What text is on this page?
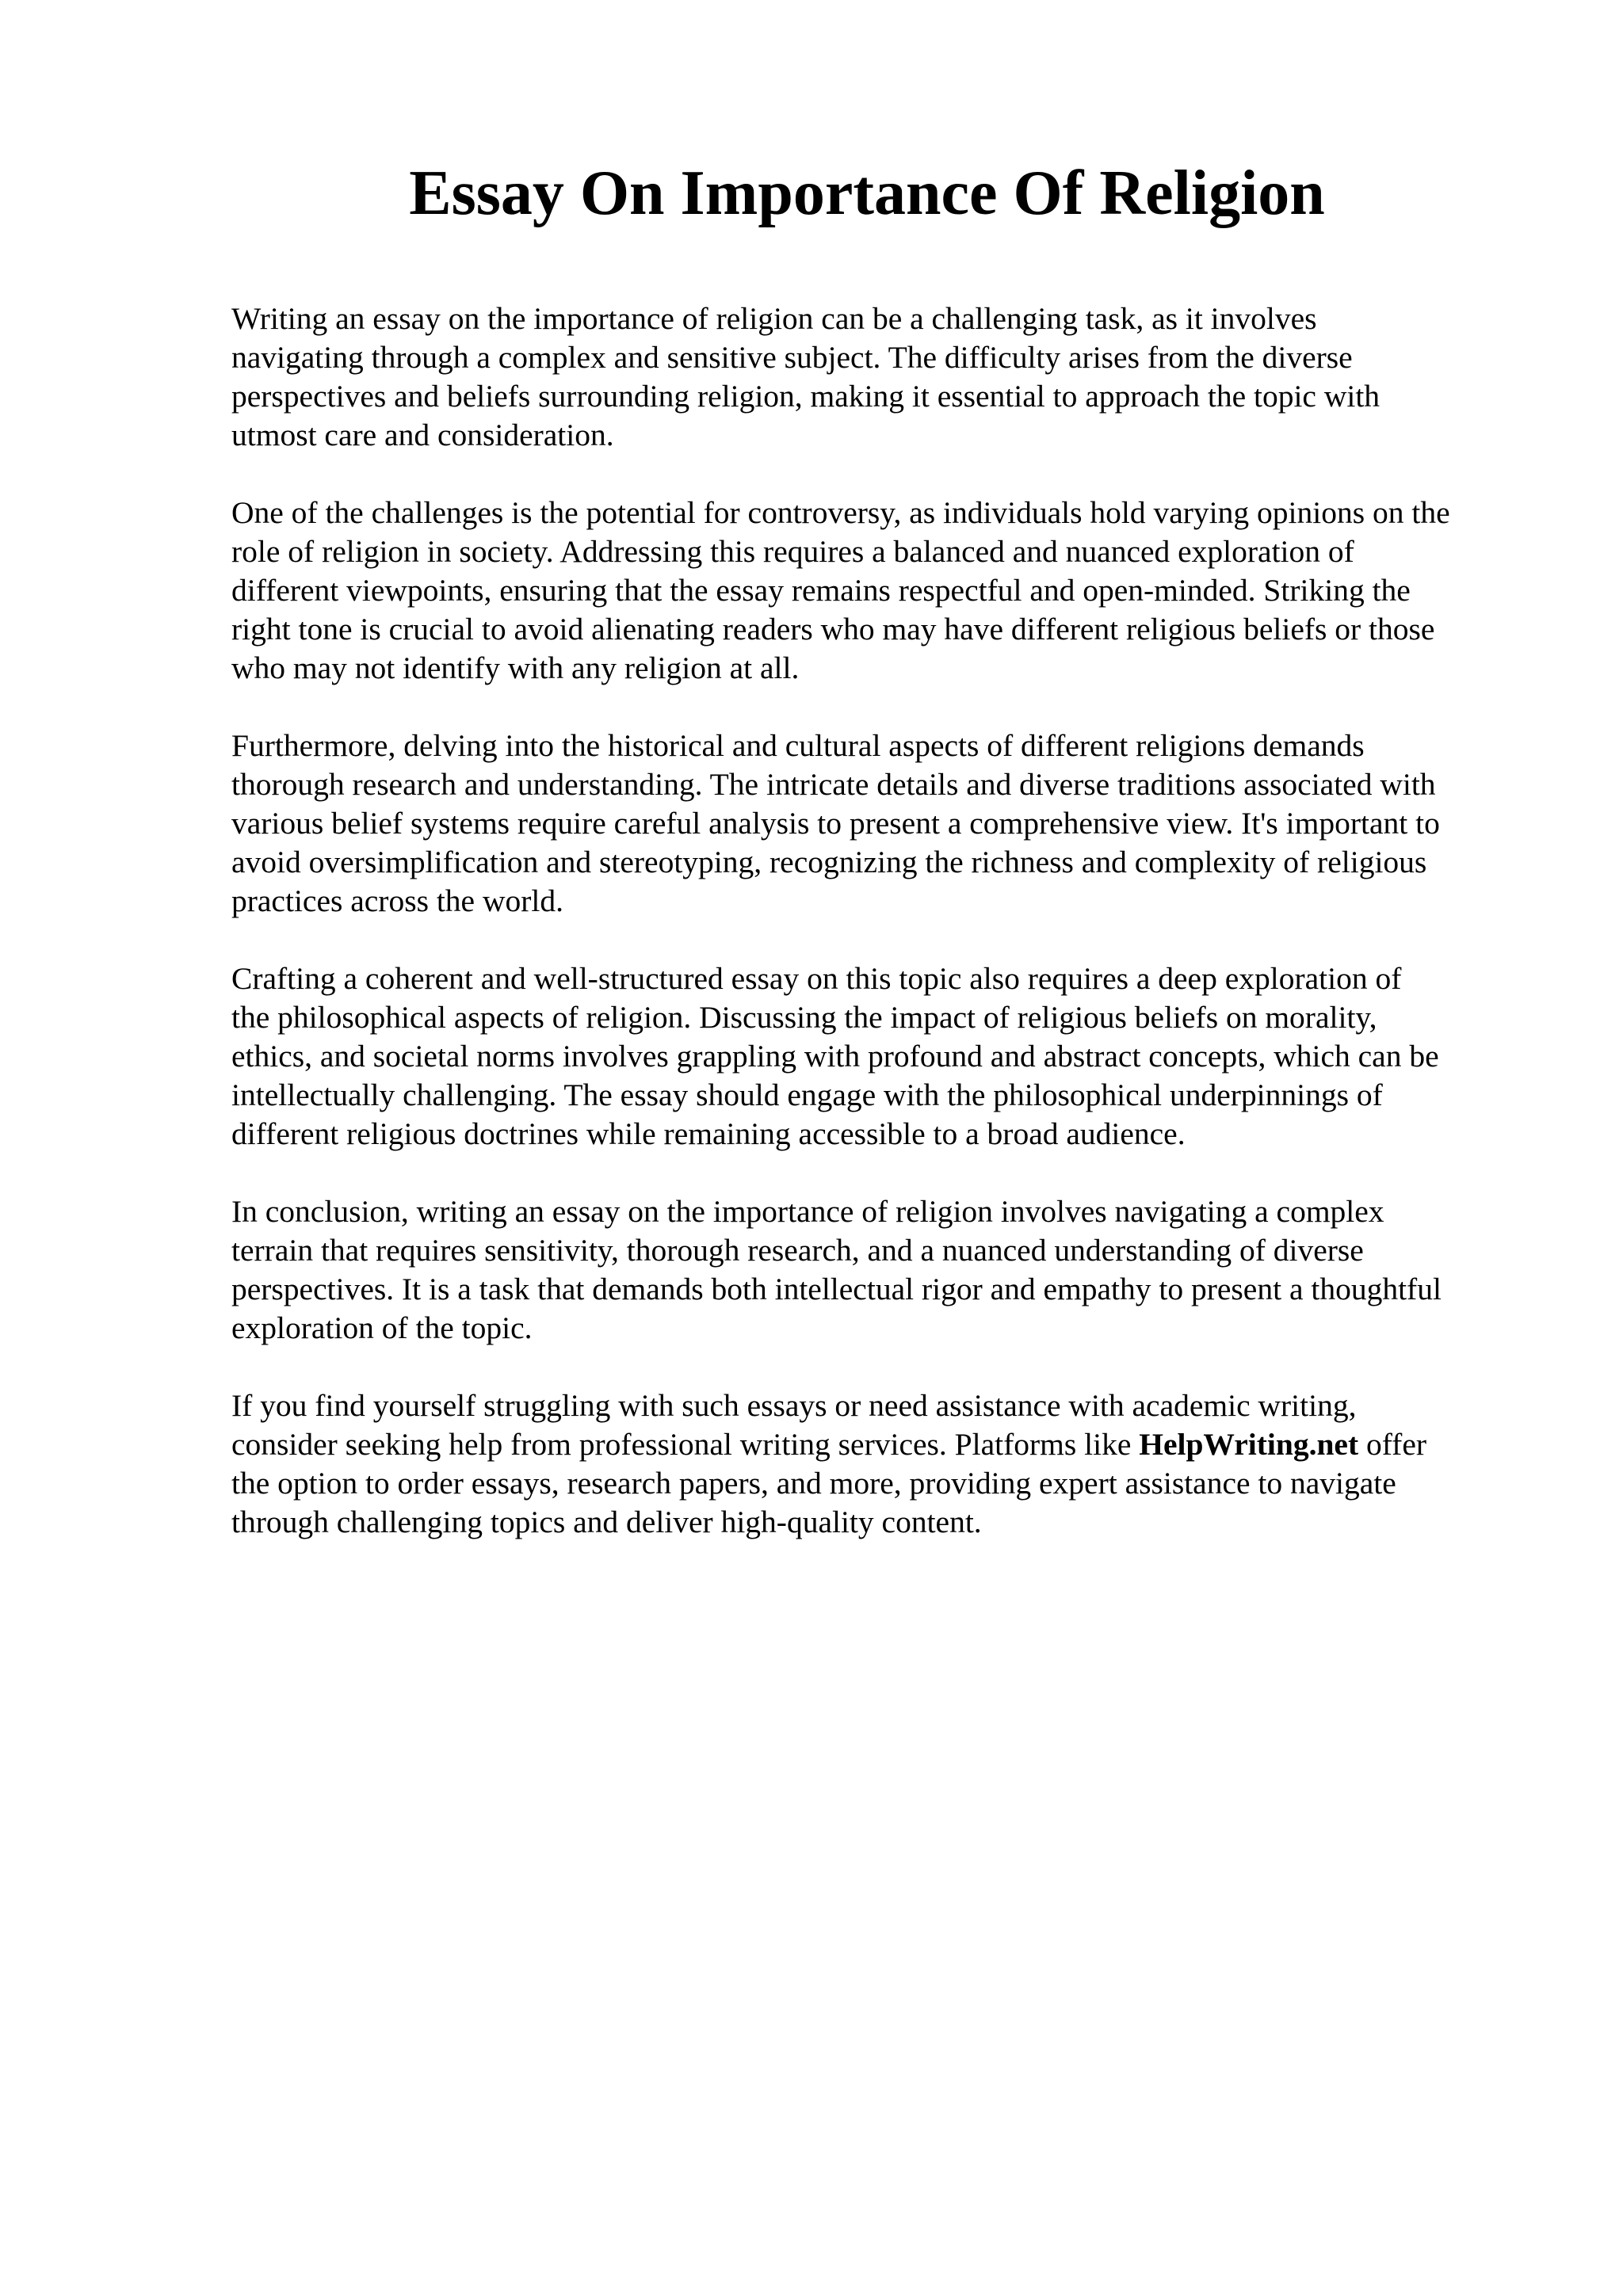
Essay On Importance Of Religion

Writing an essay on the importance of religion can be a challenging task, as it involves
navigating through a complex and sensitive subject. The difficulty arises from the diverse
perspectives and beliefs surrounding religion, making it essential to approach the topic with
utmost care and consideration.

One of the challenges is the potential for controversy, as individuals hold varying opinions on the
role of religion in society. Addressing this requires a balanced and nuanced exploration of
different viewpoints, ensuring that the essay remains respectful and open-minded. Striking the
right tone is crucial to avoid alienating readers who may have different religious beliefs or those
who may not identify with any religion at all.

Furthermore, delving into the historical and cultural aspects of different religions demands
thorough research and understanding. The intricate details and diverse traditions associated with
various belief systems require careful analysis to present a comprehensive view. It's important to
avoid oversimplification and stereotyping, recognizing the richness and complexity of religious
practices across the world.

Crafting a coherent and well-structured essay on this topic also requires a deep exploration of
the philosophical aspects of religion. Discussing the impact of religious beliefs on morality,
ethics, and societal norms involves grappling with profound and abstract concepts, which can be
intellectually challenging. The essay should engage with the philosophical underpinnings of
different religious doctrines while remaining accessible to a broad audience.

In conclusion, writing an essay on the importance of religion involves navigating a complex
terrain that requires sensitivity, thorough research, and a nuanced understanding of diverse
perspectives. It is a task that demands both intellectual rigor and empathy to present a thoughtful
exploration of the topic.

If you find yourself struggling with such essays or need assistance with academic writing,
consider seeking help from professional writing services. Platforms like HelpWriting.net offer
the option to order essays, research papers, and more, providing expert assistance to navigate
through challenging topics and deliver high-quality content.
